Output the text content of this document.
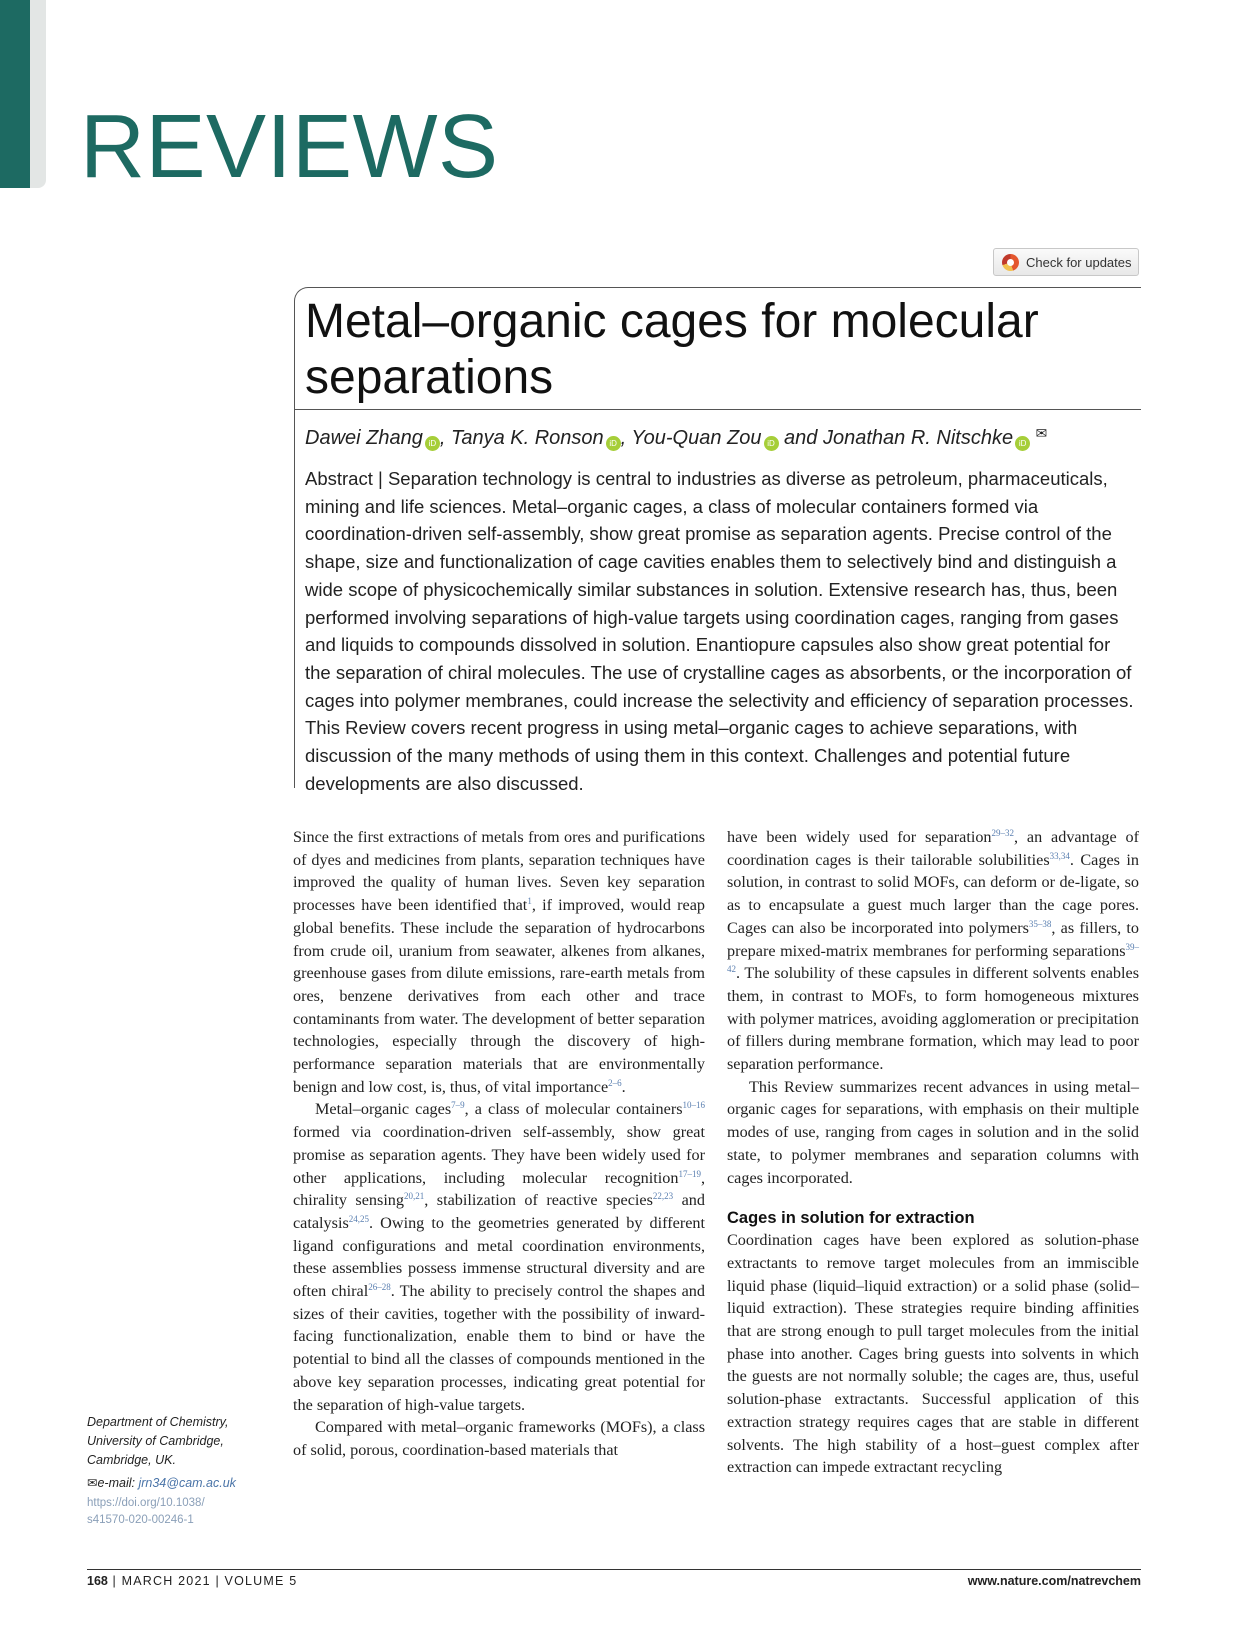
REVIEWS
Check for updates
Metal–organic cages for molecular separations
Dawei Zhang iD , Tanya K. Ronson iD , You-Quan Zou iD and Jonathan R. Nitschke iD ✉

Abstract | Separation technology is central to industries as diverse as petroleum, pharmaceuticals, mining and life sciences. Metal–organic cages, a class of molecular containers formed via coordination-driven self-assembly, show great promise as separation agents. Precise control of the shape, size and functionalization of cage cavities enables them to selectively bind and distinguish a wide scope of physicochemically similar substances in solution. Extensive research has, thus, been performed involving separations of high-value targets using coordination cages, ranging from gases and liquids to compounds dissolved in solution. Enantiopure capsules also show great potential for the separation of chiral molecules. The use of crystalline cages as absorbents, or the incorporation of cages into polymer membranes, could increase the selectivity and efficiency of separation processes. This Review covers recent progress in using metal–organic cages to achieve separations, with discussion of the many methods of using them in this context. Challenges and potential future developments are also discussed.

Since the first extractions of metals from ores and purifications of dyes and medicines from plants, separation techniques have improved the quality of human lives. Seven key separation processes have been identified that$^1$, if improved, would reap global benefits. These include the separation of hydrocarbons from crude oil, uranium from seawater, alkenes from alkanes, greenhouse gases from dilute emissions, rare-earth metals from ores, benzene derivatives from each other and trace contaminants from water. The development of better separation technologies, especially through the discovery of high-performance separation materials that are environmentally benign and low cost, is, thus, of vital importance$^{2-6}$.

Metal–organic cages$^{7-9}$, a class of molecular containers$^{10-16}$ formed via coordination-driven self-assembly, show great promise as separation agents. They have been widely used for other applications, including molecular recognition$^{17-19}$, chirality sensing$^{20,21}$, stabilization of reactive species$^{22,23}$ and catalysis$^{24,25}$. Owing to the geometries generated by different ligand configurations and metal coordination environments, these assemblies possess immense structural diversity and are often chiral$^{26-28}$. The ability to precisely control the shapes and sizes of their cavities, together with the possibility of inward-facing functionalization, enable them to bind or have the potential to bind all the classes of compounds mentioned in the above key separation processes, indicating great potential for the separation of high-value targets.

Compared with metal–organic frameworks (MOFs), a class of solid, porous, coordination-based materials that

have been widely used for separation$^{29-32}$, an advantage of coordination cages is their tailorable solubilities$^{33,34}$. Cages in solution, in contrast to solid MOFs, can deform or de-ligate, so as to encapsulate a guest much larger than the cage pores. Cages can also be incorporated into polymers$^{35-38}$, as fillers, to prepare mixed-matrix membranes for performing separations$^{39-42}$. The solubility of these capsules in different solvents enables them, in contrast to MOFs, to form homogeneous mixtures with polymer matrices, avoiding agglomeration or precipitation of fillers during membrane formation, which may lead to poor separation performance.

This Review summarizes recent advances in using metal–organic cages for separations, with emphasis on their multiple modes of use, ranging from cages in solution and in the solid state, to polymer membranes and separation columns with cages incorporated.

Cages in solution for extraction

Coordination cages have been explored as solution-phase extractants to remove target molecules from an immiscible liquid phase (liquid–liquid extraction) or a solid phase (solid–liquid extraction). These strategies require binding affinities that are strong enough to pull target molecules from the initial phase into another. Cages bring guests into solvents in which the guests are not normally soluble; the cages are, thus, useful solution-phase extractants. Successful application of this extraction strategy requires cages that are stable in different solvents. The high stability of a host–guest complex after extraction can impede extractant recycling

Department of Chemistry,
University of Cambridge,
Cambridge, UK.
✉e-mail: jrn34@cam.ac.uk
https://doi.org/10.1038/
s41570-020-00246-1
168 | MARCH 2021 | VOLUME 5	www.nature.com/natrevchem
